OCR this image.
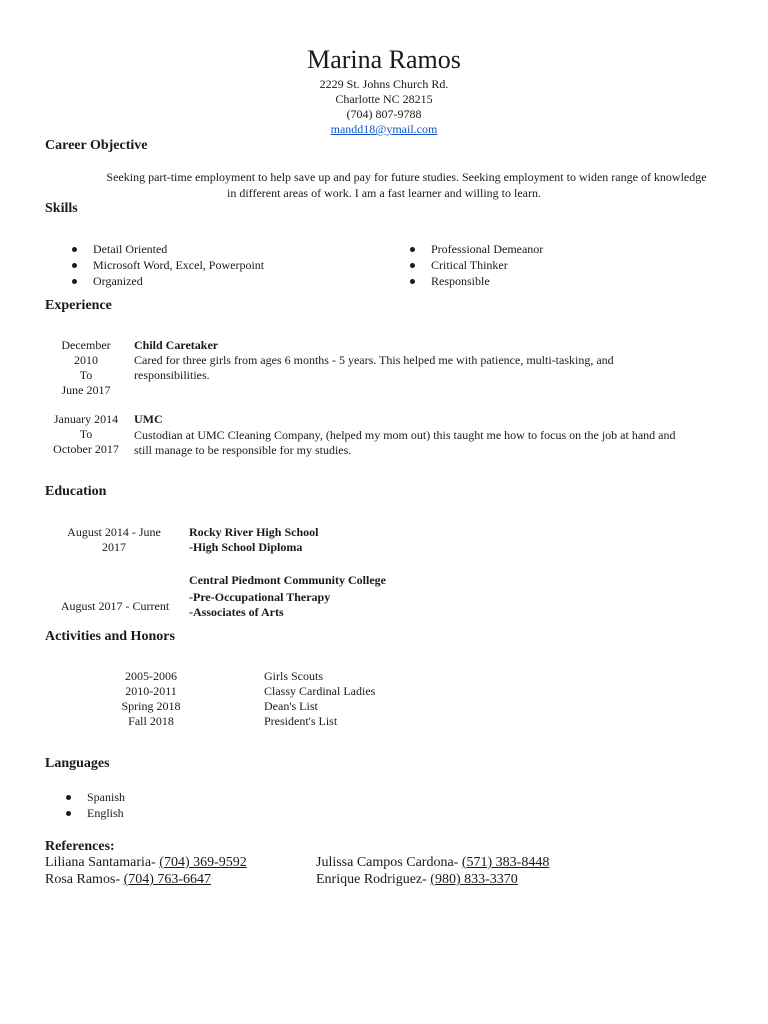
Marina Ramos
2229 St. Johns Church Rd.
Charlotte NC 28215
(704) 807-9788
mandd18@ymail.com
Career Objective
Seeking part-time employment to help save up and pay for future studies. Seeking employment to widen range of knowledge
in different areas of work. I am a fast learner and willing to learn.
Skills
Detail Oriented
Microsoft Word, Excel, Powerpoint
Organized
Professional Demeanor
Critical Thinker
Responsible
Experience
December
2010
To
June 2017
Child Caretaker
Cared for three girls from ages 6 months - 5 years. This helped me with patience, multi-tasking, and
responsibilities.
January 2014
To
October 2017
UMC
Custodian at UMC Cleaning Company, (helped my mom out) this taught me how to focus on the job at hand and
still manage to be responsible for my studies.
Education
August 2014 - June
2017
Rocky River High School
-High School Diploma
August 2017 - Current
Central Piedmont Community College
-Pre-Occupational Therapy
-Associates of Arts
Activities and Honors
2005-2006
2010-2011
Spring 2018
Fall 2018
Girls Scouts
Classy Cardinal Ladies
Dean's List
President's List
Languages
Spanish
English
References:
Liliana Santamaria- (704) 369-9592	Julissa Campos Cardona- (571) 383-8448
Rosa Ramos- (704) 763-6647	Enrique Rodriguez- (980) 833-3370
